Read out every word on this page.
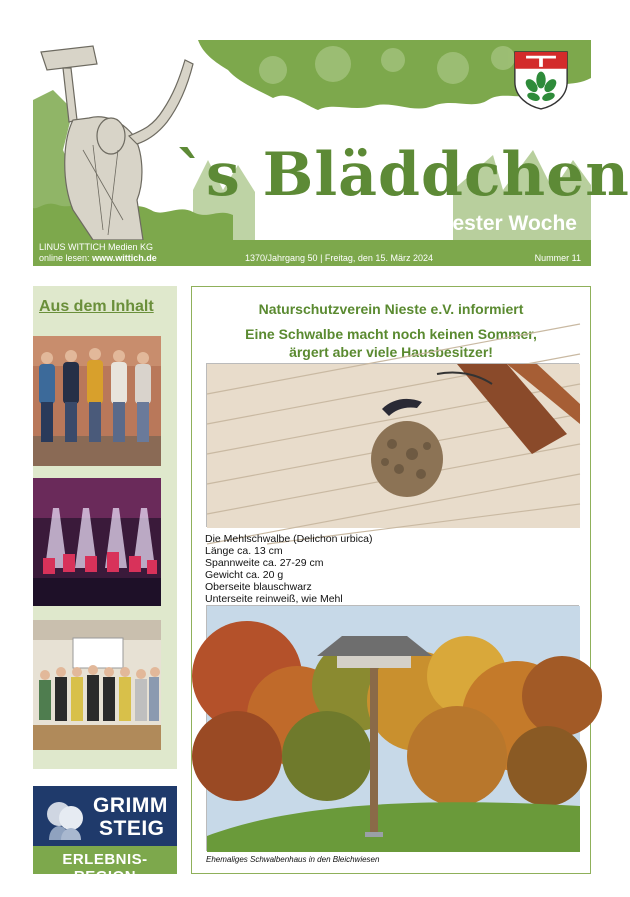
`s Bläddchen
Die Niester Woche
LINUS WITTICH Medien KG
online lesen: www.wittich.de	1370/Jahrgang 50 | Freitag, den 15. März 2024	Nummer 11
Aus dem Inhalt
GRIMM
STEIG
ERLEBNIS-REGION
Naturschutzverein Nieste e.V. informiert
Eine Schwalbe macht noch keinen Sommer,
ärgert aber viele Hausbesitzer!
Die Mehlschwalbe (Delichon urbica)
Länge ca. 13 cm
Spannweite ca. 27-29 cm
Gewicht ca. 20 g
Oberseite blauschwarz
Unterseite reinweiß, wie Mehl
Ehemaliges Schwalbenhaus in den Bleichwiesen
